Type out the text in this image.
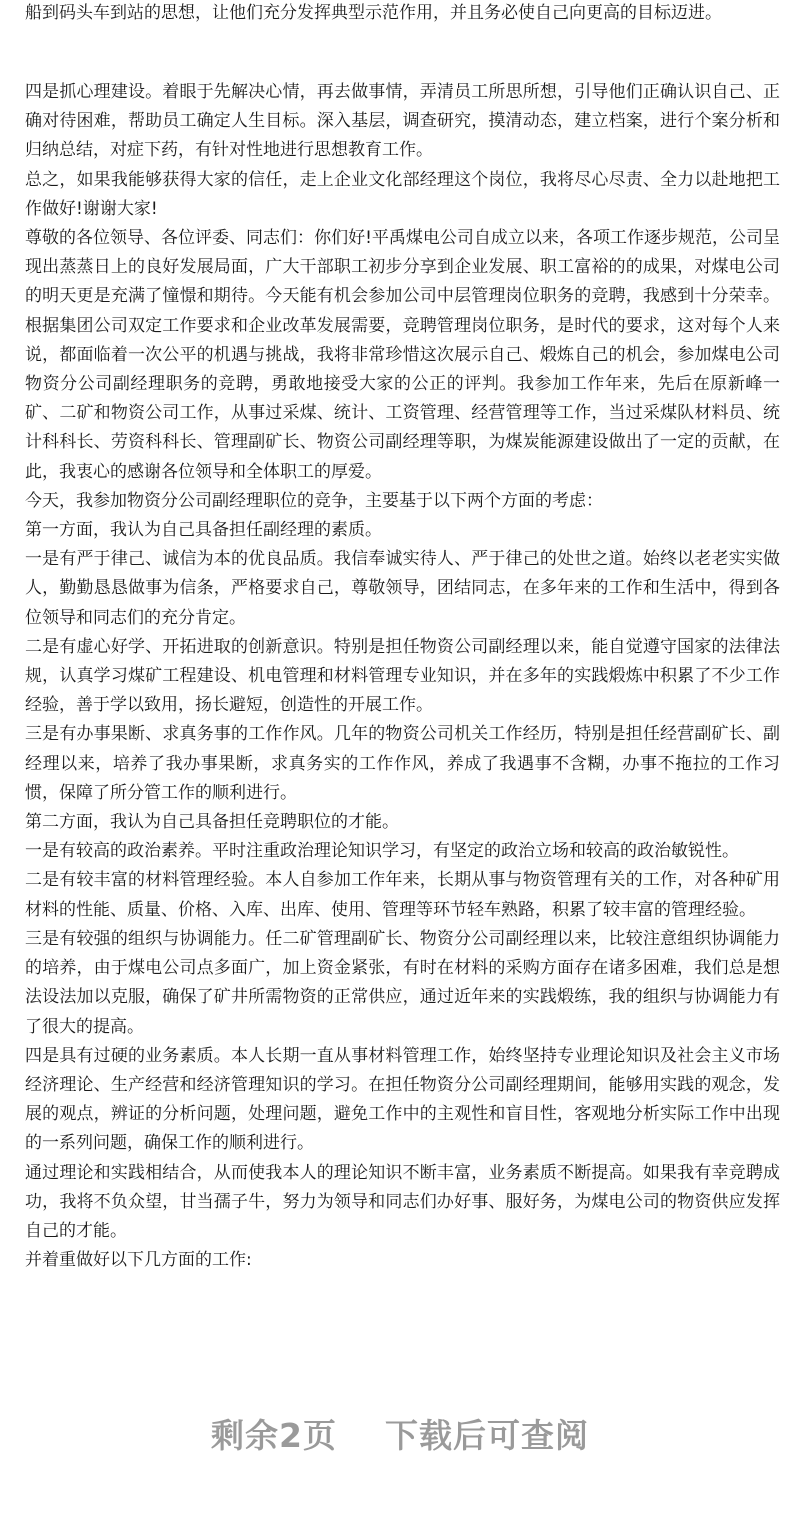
船到码头车到站的思想，让他们充分发挥典型示范作用，并且务必使自己向更高的目标迈进。

四是抓心理建设。着眼于先解决心情，再去做事情，弄清员工所思所想，引导他们正确认识自己、正确对待困难，帮助员工确定人生目标。深入基层，调查研究，摸清动态，建立档案，进行个案分析和归纳总结，对症下药，有针对性地进行思想教育工作。

总之，如果我能够获得大家的信任，走上企业文化部经理这个岗位，我将尽心尽责、全力以赴地把工作做好!谢谢大家!

尊敬的各位领导、各位评委、同志们：你们好!平禹煤电公司自成立以来，各项工作逐步规范，公司呈现出蒸蒸日上的良好发展局面，广大干部职工初步分享到企业发展、职工富裕的的成果，对煤电公司的明天更是充满了憧憬和期待。今天能有机会参加公司中层管理岗位职务的竞聘，我感到十分荣幸。根据集团公司双定工作要求和企业改革发展需要，竞聘管理岗位职务，是时代的要求，这对每个人来说，都面临着一次公平的机遇与挑战，我将非常珍惜这次展示自己、煅炼自己的机会，参加煤电公司物资分公司副经理职务的竞聘，勇敢地接受大家的公正的评判。我参加工作年来，先后在原新峰一矿、二矿和物资公司工作，从事过采煤、统计、工资管理、经营管理等工作，当过采煤队材料员、统计科科长、劳资科科长、管理副矿长、物资公司副经理等职，为煤炭能源建设做出了一定的贡献，在此，我衷心的感谢各位领导和全体职工的厚爱。

今天，我参加物资分公司副经理职位的竞争，主要基于以下两个方面的考虑：

第一方面，我认为自己具备担任副经理的素质。

一是有严于律己、诚信为本的优良品质。我信奉诚实待人、严于律己的处世之道。始终以老老实实做人，勤勤恳恳做事为信条，严格要求自己，尊敬领导，团结同志，在多年来的工作和生活中，得到各位领导和同志们的充分肯定。

二是有虚心好学、开拓进取的创新意识。特别是担任物资公司副经理以来，能自觉遵守国家的法律法规，认真学习煤矿工程建设、机电管理和材料管理专业知识，并在多年的实践煅炼中积累了不少工作经验，善于学以致用，扬长避短，创造性的开展工作。

三是有办事果断、求真务事的工作作风。几年的物资公司机关工作经历，特别是担任经营副矿长、副经理以来，培养了我办事果断，求真务实的工作作风，养成了我遇事不含糊，办事不拖拉的工作习惯，保障了所分管工作的顺利进行。

第二方面，我认为自己具备担任竞聘职位的才能。

一是有较高的政治素养。平时注重政治理论知识学习，有坚定的政治立场和较高的政治敏锐性。

二是有较丰富的材料管理经验。本人自参加工作年来，长期从事与物资管理有关的工作，对各种矿用材料的性能、质量、价格、入库、出库、使用、管理等环节轻车熟路，积累了较丰富的管理经验。

三是有较强的组织与协调能力。任二矿管理副矿长、物资分公司副经理以来，比较注意组织协调能力的培养，由于煤电公司点多面广，加上资金紧张，有时在材料的采购方面存在诸多困难，我们总是想法设法加以克服，确保了矿井所需物资的正常供应，通过近年来的实践煅练，我的组织与协调能力有了很大的提高。

四是具有过硬的业务素质。本人长期一直从事材料管理工作，始终坚持专业理论知识及社会主义市场经济理论、生产经营和经济管理知识的学习。在担任物资分公司副经理期间，能够用实践的观念，发展的观点，辨证的分析问题，处理问题，避免工作中的主观性和盲目性，客观地分析实际工作中出现的一系列问题，确保工作的顺利进行。

通过理论和实践相结合，从而使我本人的理论知识不断丰富，业务素质不断提高。如果我有幸竞聘成功，我将不负众望，甘当孺子牛，努力为领导和同志们办好事、服好务，为煤电公司的物资供应发挥自己的才能。

并着重做好以下几方面的工作:

剩余2页 下载后可查阅
